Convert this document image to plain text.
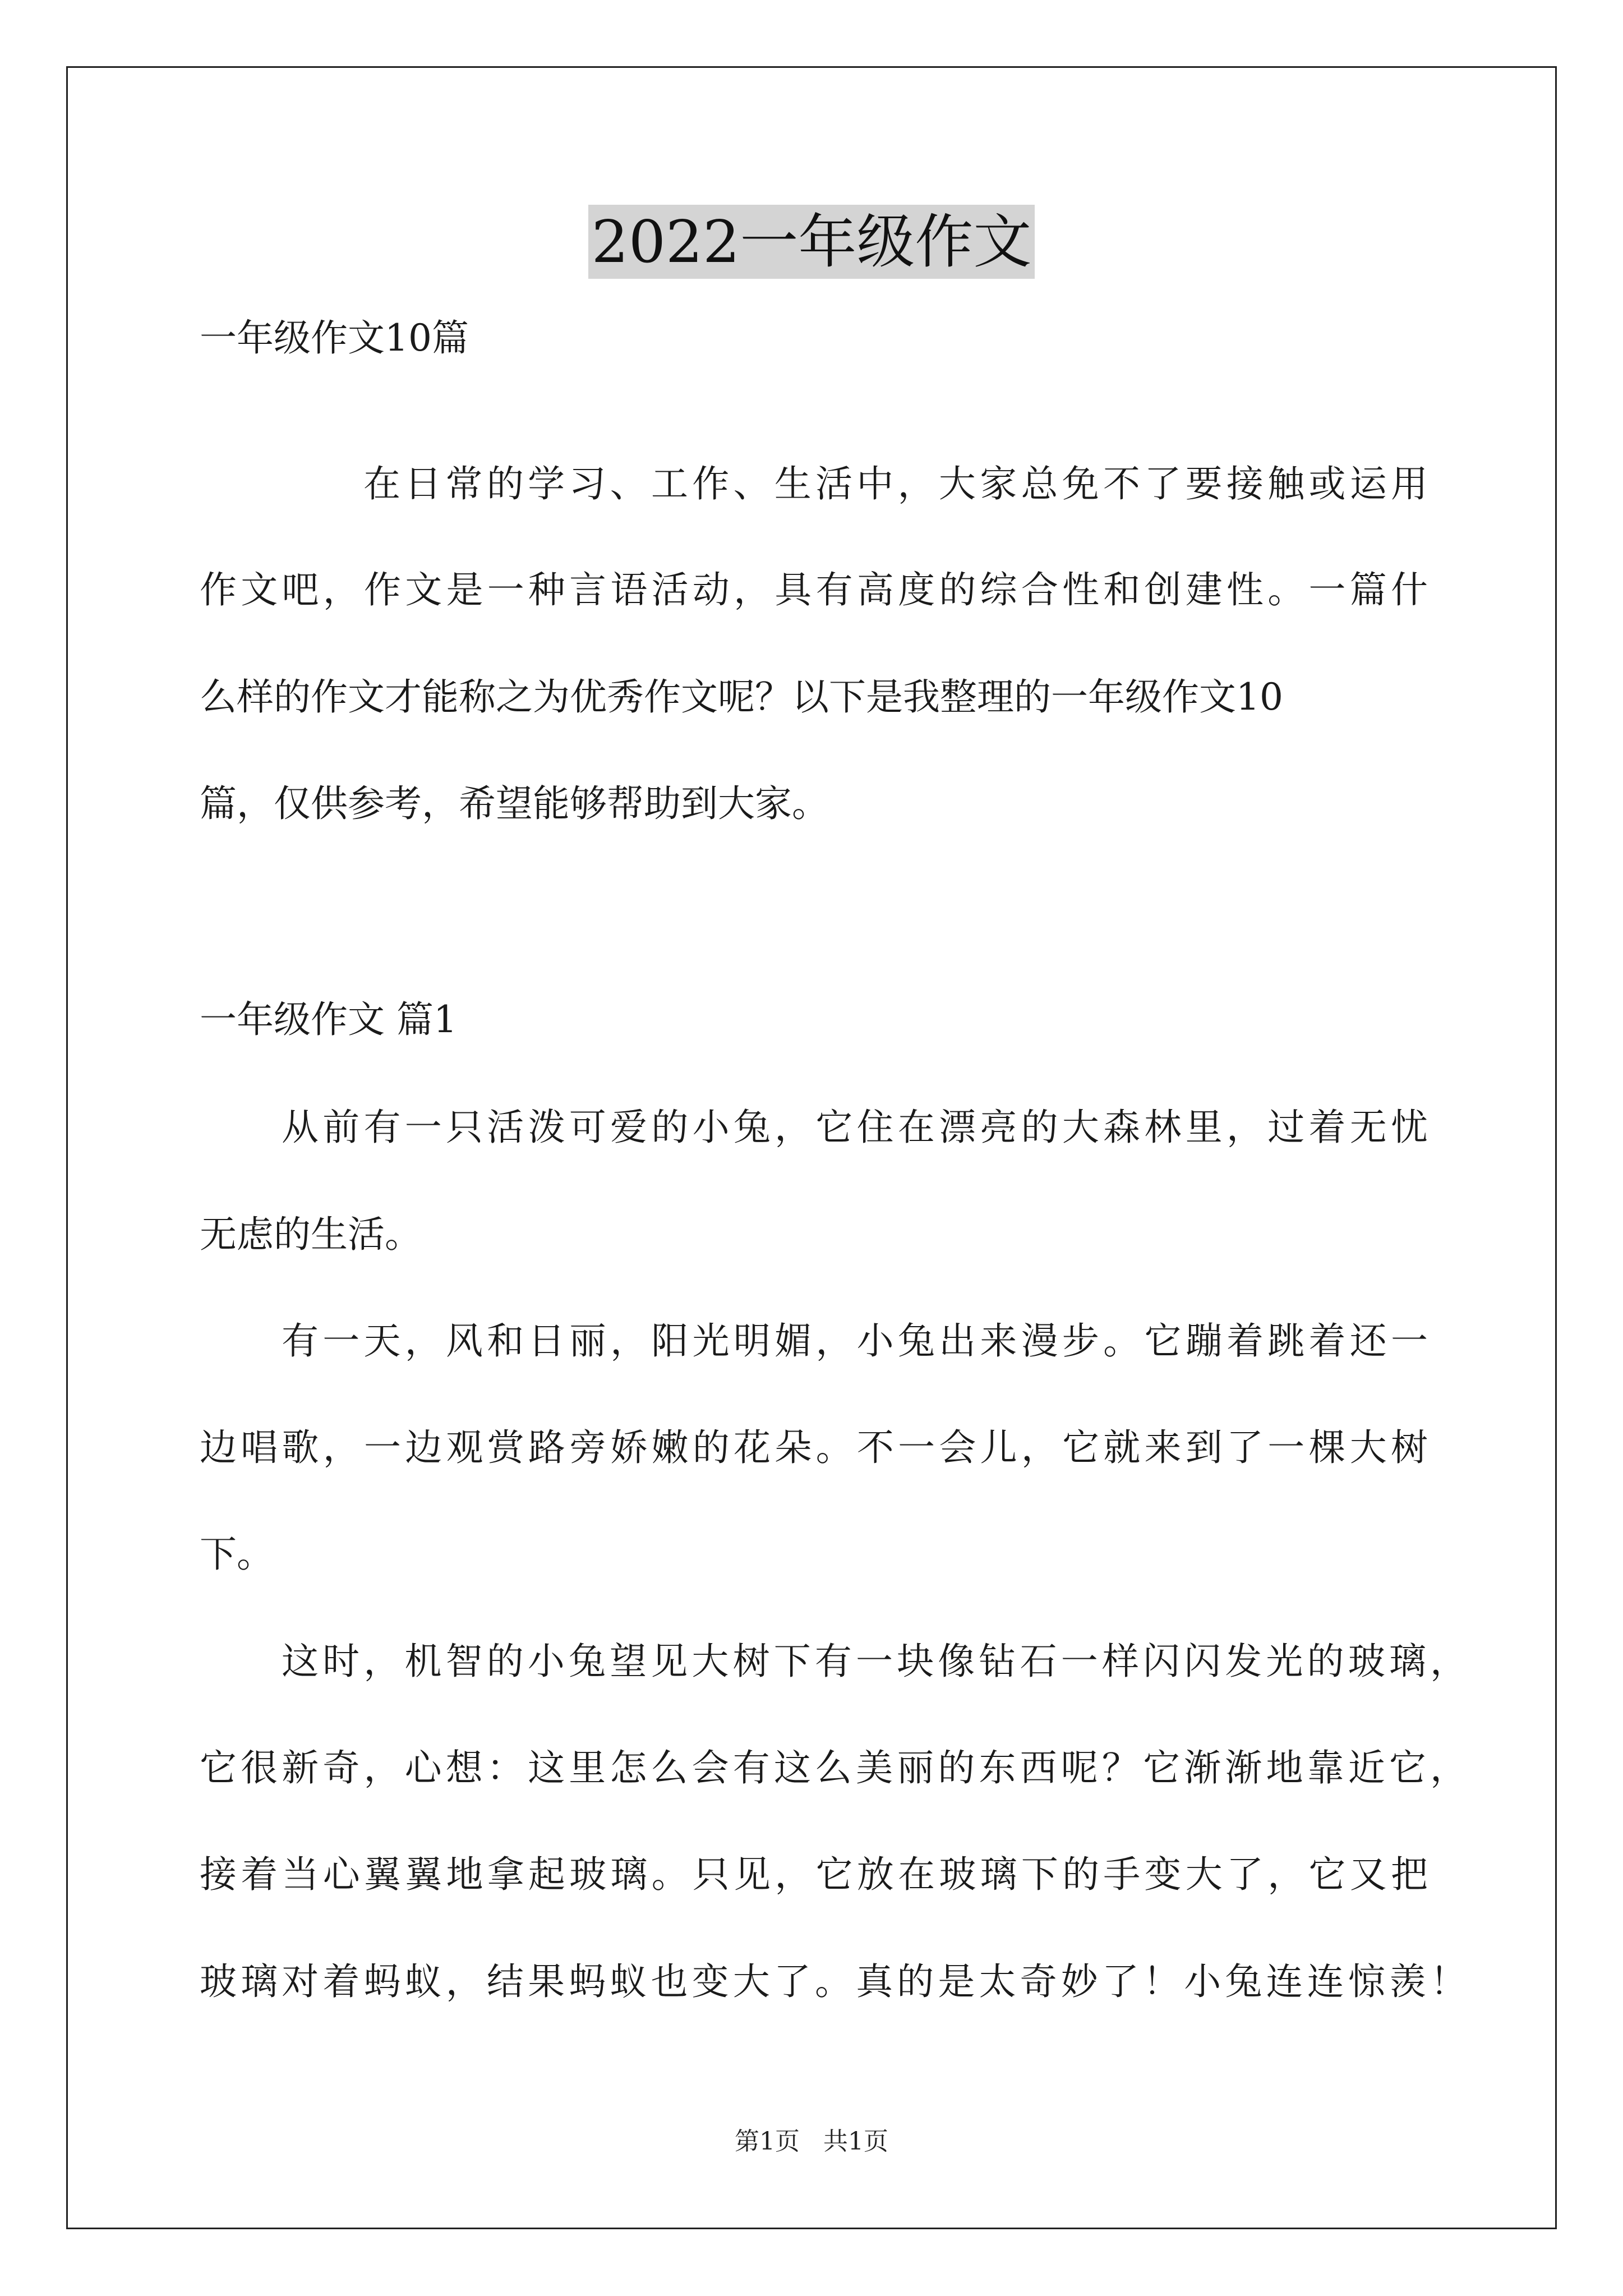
2022一年级作文
一年级作文10篇
在日常的学习、工作、生活中，大家总免不了要接触或运用
作文吧，作文是一种言语活动，具有高度的综合性和创建性。一篇什
么样的作文才能称之为优秀作文呢？以下是我整理的一年级作文10
篇，仅供参考，希望能够帮助到大家。
一年级作文 篇1
从前有一只活泼可爱的小兔，它住在漂亮的大森林里，过着无忧
无虑的生活。
有一天，风和日丽，阳光明媚，小兔出来漫步。它蹦着跳着还一
边唱歌，一边观赏路旁娇嫩的花朵。不一会儿，它就来到了一棵大树
下。
这时，机智的小兔望见大树下有一块像钻石一样闪闪发光的玻璃，
它很新奇，心想：这里怎么会有这么美丽的东西呢？它渐渐地靠近它，
接着当心翼翼地拿起玻璃。只见，它放在玻璃下的手变大了，它又把
玻璃对着蚂蚁，结果蚂蚁也变大了。真的是太奇妙了！小兔连连惊羡！
第1页 共1页
